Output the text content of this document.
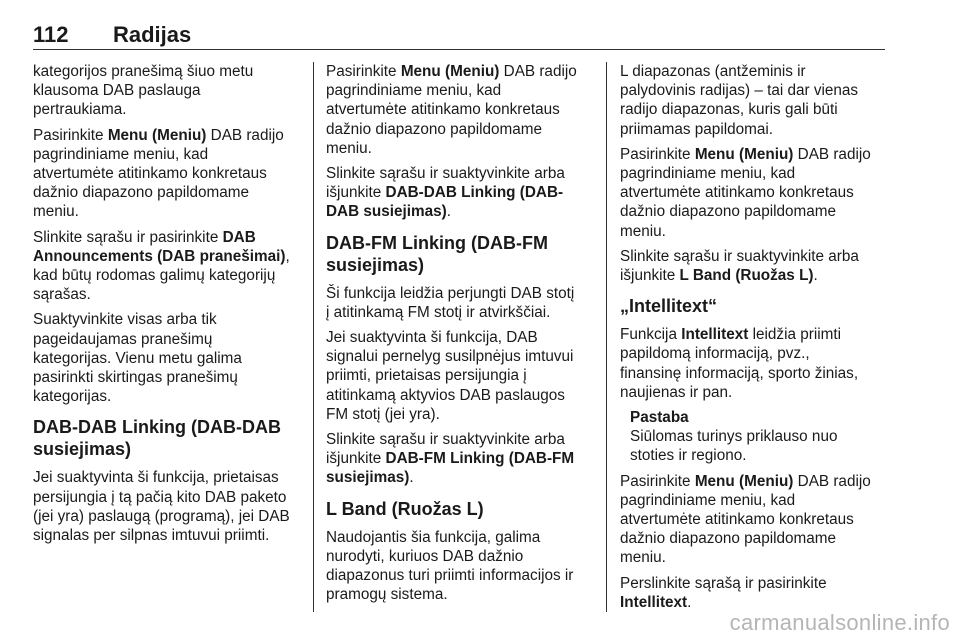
112 Radijas

kategorijos pranešimą šiuo metu
klausoma DAB paslauga
pertraukiama.

Pasirinkite Menu (Meniu) DAB radijo
pagrindiniame meniu, kad
atvertumėte atitinkamo konkretaus
dažnio diapazono papildomame
meniu.

Slinkite sąrašu ir pasirinkite DAB
Announcements (DAB pranešimai),
kad būtų rodomas galimų kategorijų
sąrašas.

Suaktyvinkite visas arba tik
pageidaujamas pranešimų
kategorijas. Vienu metu galima
pasirinkti skirtingas pranešimų
kategorijas.

DAB-DAB Linking (DAB-DAB
susiejimas)

Jei suaktyvinta ši funkcija, prietaisas
persijungia į tą pačią kito DAB paketo
(jei yra) paslaugą (programą), jei DAB
signalas per silpnas imtuvui priimti.

Pasirinkite Menu (Meniu) DAB radijo
pagrindiniame meniu, kad
atvertumėte atitinkamo konkretaus
dažnio diapazono papildomame
meniu.

Slinkite sąrašu ir suaktyvinkite arba
išjunkite DAB-DAB Linking (DAB-
DAB susiejimas).

DAB-FM Linking (DAB-FM
susiejimas)

Ši funkcija leidžia perjungti DAB stotį
į atitinkamą FM stotį ir atvirkščiai.

Jei suaktyvinta ši funkcija, DAB
signalui pernelyg susilpnėjus imtuvui
priimti, prietaisas persijungia į
atitinkamą aktyvios DAB paslaugos
FM stotį (jei yra).

Slinkite sąrašu ir suaktyvinkite arba
išjunkite DAB-FM Linking (DAB-FM
susiejimas).

L Band (Ruožas L)

Naudojantis šia funkcija, galima
nurodyti, kuriuos DAB dažnio
diapazonus turi priimti informacijos ir
pramogų sistema.

L diapazonas (antžeminis ir
palydovinis radijas) – tai dar vienas
radijo diapazonas, kuris gali būti
priimamas papildomai.

Pasirinkite Menu (Meniu) DAB radijo
pagrindiniame meniu, kad
atvertumėte atitinkamo konkretaus
dažnio diapazono papildomame
meniu.

Slinkite sąrašu ir suaktyvinkite arba
išjunkite L Band (Ruožas L).

„Intellitext“

Funkcija Intellitext leidžia priimti
papildomą informaciją, pvz.,
finansinę informaciją, sporto žinias,
naujienas ir pan.

Pastaba
Siūlomas turinys priklauso nuo
stoties ir regiono.

Pasirinkite Menu (Meniu) DAB radijo
pagrindiniame meniu, kad
atvertumėte atitinkamo konkretaus
dažnio diapazono papildomame
meniu.

Perslinkite sąrašą ir pasirinkite
Intellitext.

carmanualsonline.info
